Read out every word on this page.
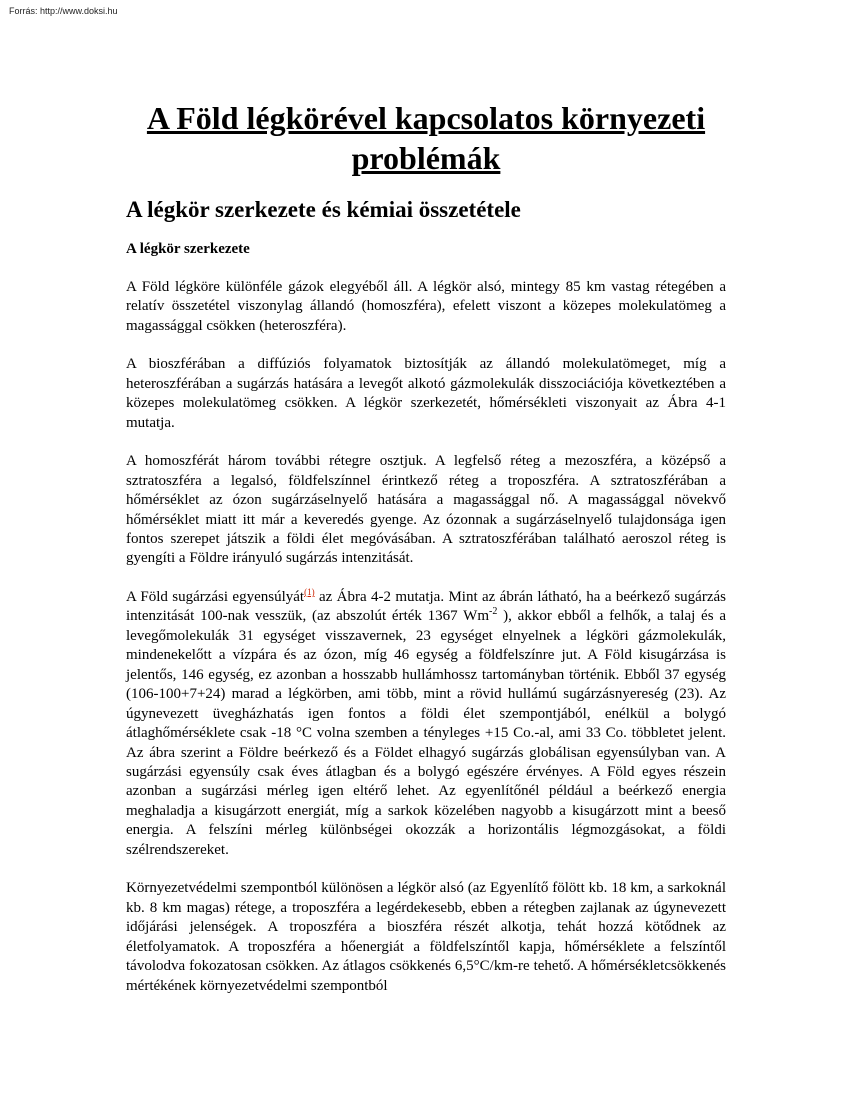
Forrás: http://www.doksi.hu
A Föld légkörével kapcsolatos környezeti problémák
A légkör szerkezete és kémiai összetétele
A légkör szerkezete

A Föld légköre különféle gázok elegyéből áll. A légkör alsó, mintegy 85 km vastag rétegében a relatív összetétel viszonylag állandó (homoszféra), efelett viszont a közepes molekulatömeg a magassággal csökken (heteroszféra).

A bioszférában a diffúziós folyamatok biztosítják az állandó molekulatömeget, míg a heteroszférában a sugárzás hatására a levegőt alkotó gázmolekulák disszociációja következtében a közepes molekulatömeg csökken. A légkör szerkezetét, hőmérsékleti viszonyait az Ábra 4-1 mutatja.

A homoszférát három további rétegre osztjuk. A legfelső réteg a mezoszféra, a középső a sztratoszféra a legalsó, földfelszínnel érintkező réteg a troposzféra. A sztratoszférában a hőmérséklet az ózon sugárzáselnyelő hatására a magassággal nő. A magassággal növekvő hőmérséklet miatt itt már a keveredés gyenge. Az ózonnak a sugárzáselnyelő tulajdonsága igen fontos szerepet játszik a földi élet megóvásában. A sztratoszférában található aeroszol réteg is gyengíti a Földre irányuló sugárzás intenzitását.

A Föld sugárzási egyensúlyát$^{(1)}$ az Ábra 4-2 mutatja. Mint az ábrán látható, ha a beérkező sugárzás intenzitását 100-nak vesszük, (az abszolút érték 1367 $Wm^{-2}$ ), akkor ebből a felhők, a talaj és a levegőmolekulák 31 egységet visszavernek, 23 egységet elnyelnek a légköri gázmolekulák, mindenekelőtt a vízpára és az ózon, míg 46 egység a földfelszínre jut. A Föld kisugárzása is jelentős, 146 egység, ez azonban a hosszabb hullámhossz tartományban történik. Ebből 37 egység (106-100+7+24) marad a légkörben, ami több, mint a rövid hullámú sugárzásnyereség (23). Az úgynevezett üvegházhatás igen fontos a földi élet szempontjából, enélkül a bolygó átlaghőmérséklete csak -18 °C volna szemben a tényleges +15 Co.-al, ami 33 Co. többletet jelent. Az ábra szerint a Földre beérkező és a Földet elhagyó sugárzás globálisan egyensúlyban van. A sugárzási egyensúly csak éves átlagban és a bolygó egészére érvényes. A Föld egyes részein azonban a sugárzási mérleg igen eltérő lehet. Az egyenlítőnél például a beérkező energia meghaladja a kisugárzott energiát, míg a sarkok közelében nagyobb a kisugárzott mint a beeső energia. A felszíni mérleg különbségei okozzák a horizontális légmozgásokat, a földi szélrendszereket.

Környezetvédelmi szempontból különösen a légkör alsó (az Egyenlítő fölött kb. 18 km, a sarkoknál kb. 8 km magas) rétege, a troposzféra a legérdekesebb, ebben a rétegben zajlanak az úgynevezett időjárási jelenségek. A troposzféra a bioszféra részét alkotja, tehát hozzá kötődnek az életfolyamatok. A troposzféra a hőenergiát a földfelszíntől kapja, hőmérséklete a felszíntől távolodva fokozatosan csökken. Az átlagos csökkenés 6,5°C/km-re tehető. A hőmérsékletcsökkenés mértékének környezetvédelmi szempontból
